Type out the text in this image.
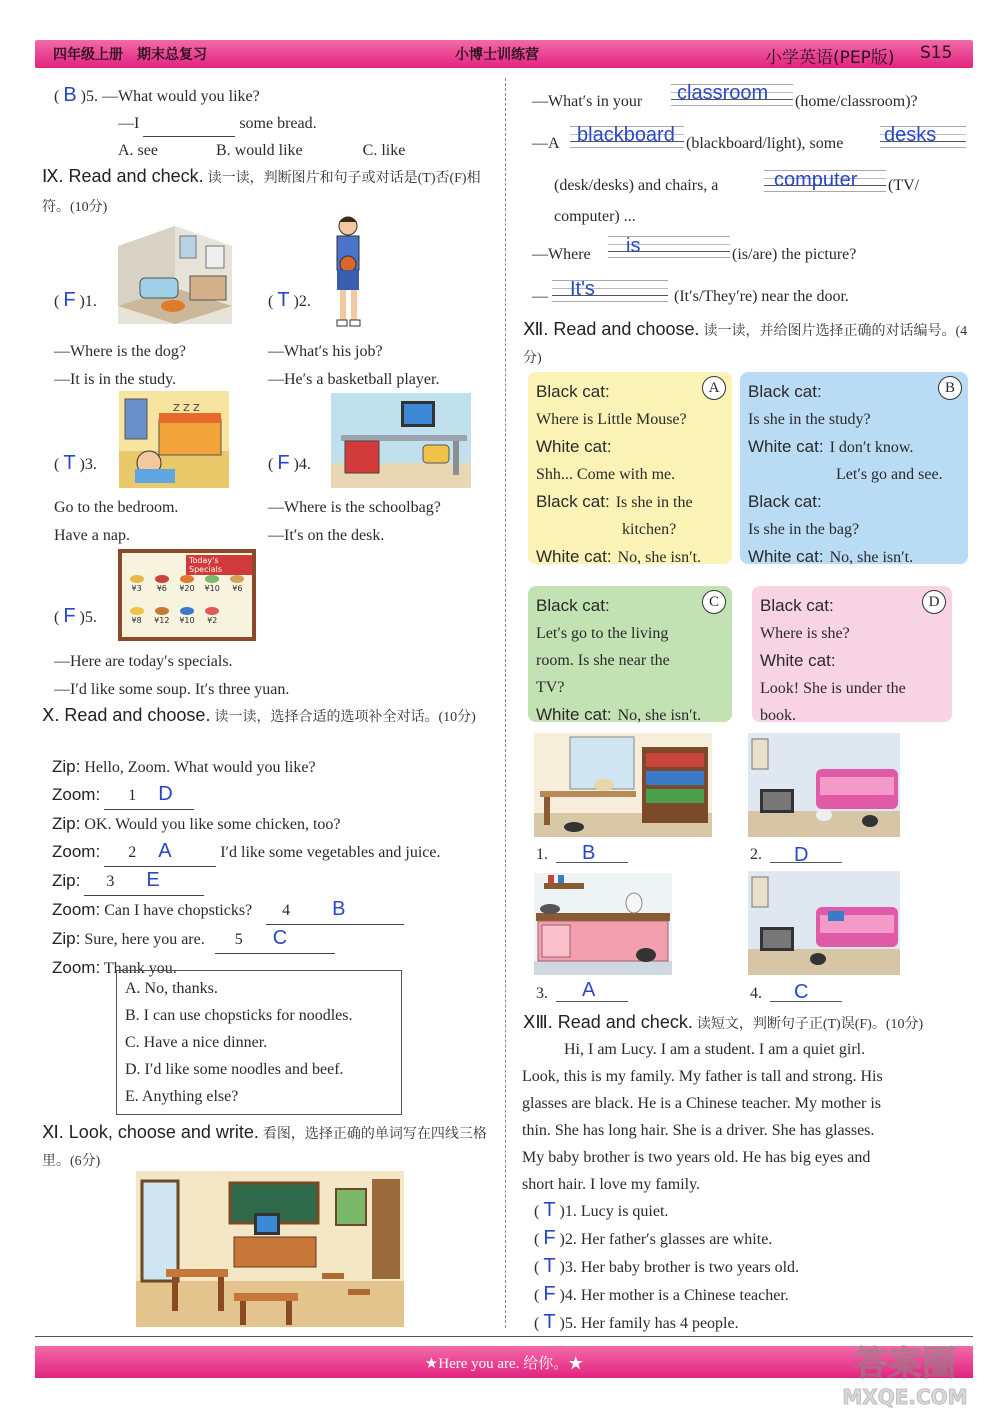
四年级上册　期末总复习	小博士训练营	小学英语(PEP版) S15
( B )5. —What would you like?
—I	some bread.
A. see	B. would like	C. like
Ⅸ. Read and check. 读一读，判断图片和句子或对话是(T)否(F)相符。(10分)
( F )1.	( T )2.
—Where is the dog?
—It is in the study.
—What′s his job?
—He′s a basketball player.
Z Z Z
( T )3.	( F )4.
Go to the bedroom.
Have a nap.
—Where is the schoolbag?
—It′s on the desk.
Today's Specials
¥3	¥6	¥20	¥10	¥6
¥8	¥12	¥10	¥2
( F )5.
—Here are today′s specials.
—I′d like some soup. It′s three yuan.
Ⅹ. Read and choose. 读一读，选择合适的选项补全对话。(10分)
Zip: Hello, Zoom. What would you like?
Zoom: 1 D
Zip: OK. Would you like some chicken, too?
Zoom: 2 A	I′d like some vegetables and juice.
Zip: 3 E
Zoom: Can I have chopsticks? 4 B
Zip: Sure, here you are. 5 C
Zoom: Thank you.
A. No, thanks.
B. I can use chopsticks for noodles.
C. Have a nice dinner.
D. I′d like some noodles and beef.
E. Anything else?
Ⅺ. Look, choose and write. 看图，选择正确的单词写在四线三格里。(6分)
—What′s in your classroom (home/classroom)?
—A blackboard (blackboard/light), some desks
(desk/desks) and chairs, a	computer (TV/
computer) ...
—Where is	(is/are) the picture?
— It's	(It′s/They′re) near the door.
Ⅻ. Read and choose. 读一读，并给图片选择正确的对话编号。(4分)
A
Black cat:
Where is Little Mouse?
White cat:
Shh... Come with me.
Black cat: Is she in the
kitchen?
White cat: No, she isn′t.
B
Black cat:
Is she in the study?
White cat: I don′t know.
Let′s go and see.
Black cat:
Is she in the bag?
White cat: No, she isn′t.
C
Black cat:
Let′s go to the living
room. Is she near the
TV?
White cat: No, she isn′t.
D
Black cat:
Where is she?
White cat:
Look! She is under the
book.
1. B	2. D
3. A	4. C
ⅩⅢ. Read and check. 读短文，判断句子正(T)误(F)。(10分)
Hi, I am Lucy. I am a student. I am a quiet girl.
Look, this is my family. My father is tall and strong. His
glasses are black. He is a Chinese teacher. My mother is
thin. She has long hair. She is a driver. She has glasses.
My baby brother is two years old. He has big eyes and
short hair. I love my family.
( T )1. Lucy is quiet.
( F )2. Her father′s glasses are white.
( T )3. Her baby brother is two years old.
( F )4. Her mother is a Chinese teacher.
( T )5. Her family has 4 people.
★Here you are. 给你。★	答案圈
MXQE.COM
